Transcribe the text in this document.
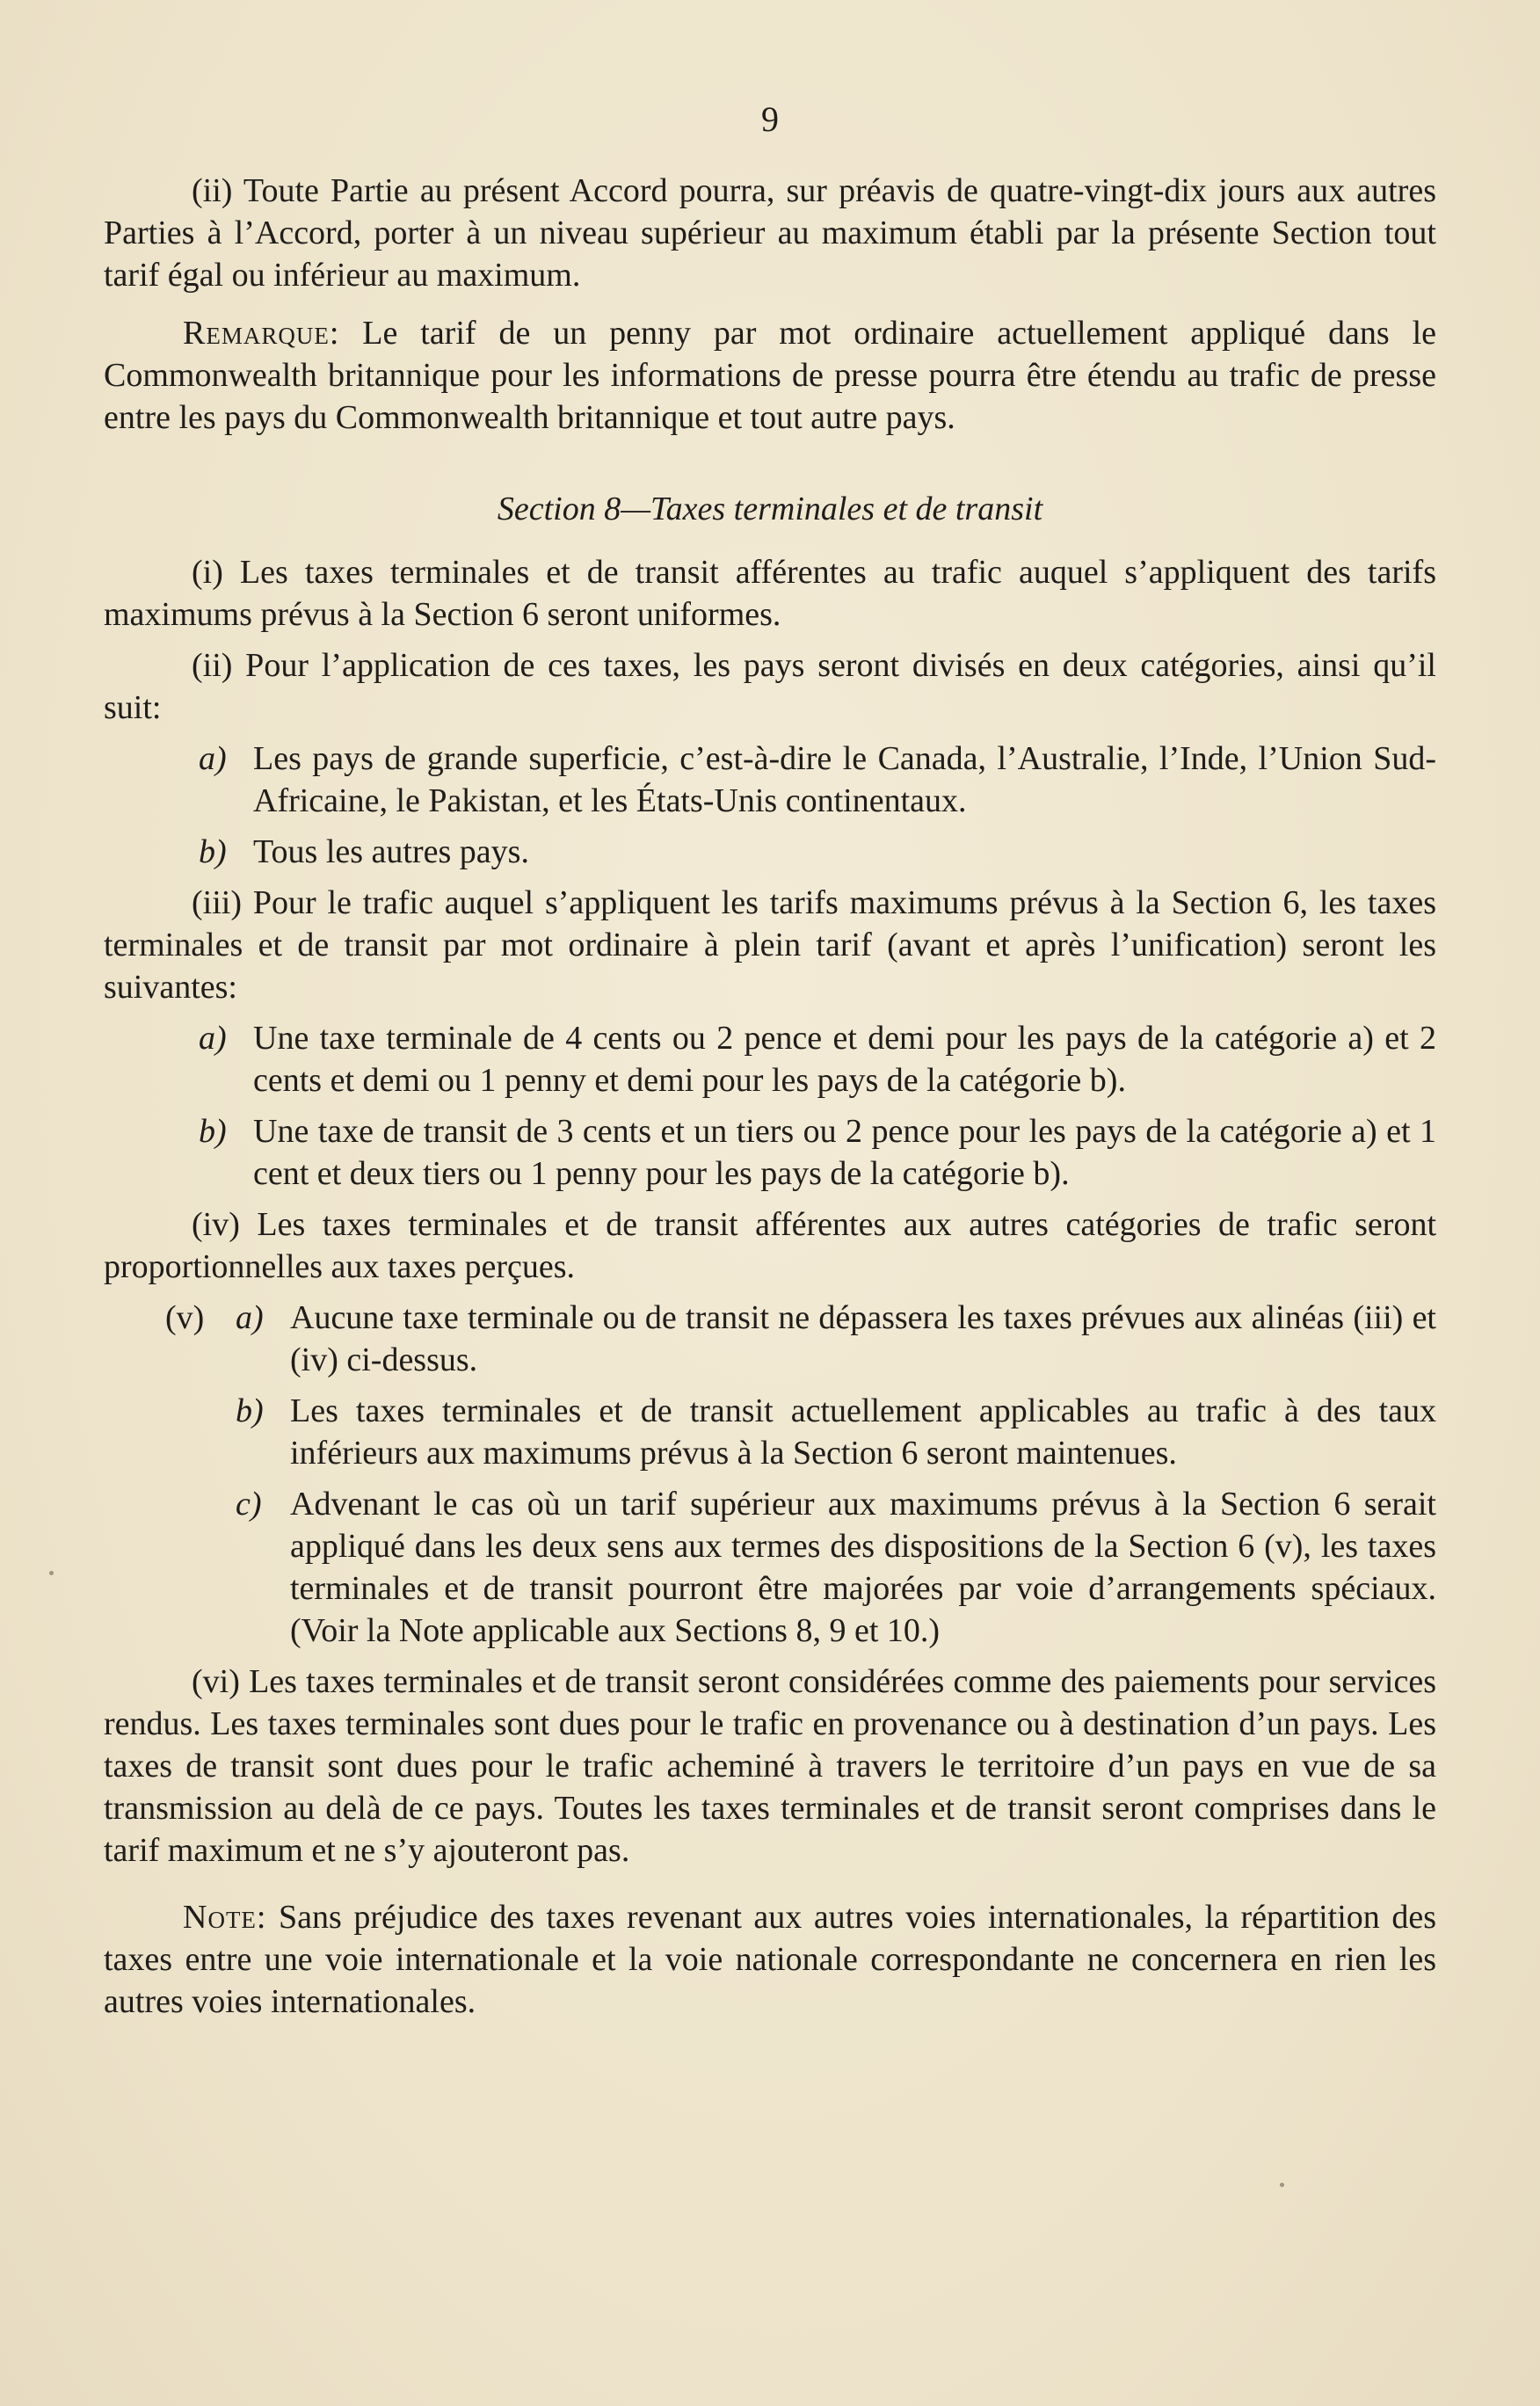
9

(ii) Toute Partie au présent Accord pourra, sur préavis de quatre-vingt-dix jours aux autres Parties à l’Accord, porter à un niveau supérieur au maximum établi par la présente Section tout tarif égal ou inférieur au maximum.

Remarque: Le tarif de un penny par mot ordinaire actuellement appliqué dans le Commonwealth britannique pour les informations de presse pourra être étendu au trafic de presse entre les pays du Commonwealth britannique et tout autre pays.

Section 8—Taxes terminales et de transit

(i) Les taxes terminales et de transit afférentes au trafic auquel s’appliquent des tarifs maximums prévus à la Section 6 seront uniformes.

(ii) Pour l’application de ces taxes, les pays seront divisés en deux catégories, ainsi qu’il suit:

a) Les pays de grande superficie, c’est-à-dire le Canada, l’Australie, l’Inde, l’Union Sud-Africaine, le Pakistan, et les États-Unis continentaux.
b) Tous les autres pays.

(iii) Pour le trafic auquel s’appliquent les tarifs maximums prévus à la Section 6, les taxes terminales et de transit par mot ordinaire à plein tarif (avant et après l’unification) seront les suivantes:

a) Une taxe terminale de 4 cents ou 2 pence et demi pour les pays de la catégorie a) et 2 cents et demi ou 1 penny et demi pour les pays de la catégorie b).
b) Une taxe de transit de 3 cents et un tiers ou 2 pence pour les pays de la catégorie a) et 1 cent et deux tiers ou 1 penny pour les pays de la catégorie b).

(iv) Les taxes terminales et de transit afférentes aux autres catégories de trafic seront proportionnelles aux taxes perçues.

(v) a) Aucune taxe terminale ou de transit ne dépassera les taxes prévues aux alinéas (iii) et (iv) ci-dessus.
b) Les taxes terminales et de transit actuellement applicables au trafic à des taux inférieurs aux maximums prévus à la Section 6 seront maintenues.
c) Advenant le cas où un tarif supérieur aux maximums prévus à la Section 6 serait appliqué dans les deux sens aux termes des dispositions de la Section 6 (v), les taxes terminales et de transit pourront être majorées par voie d’arrangements spéciaux. (Voir la Note applicable aux Sections 8, 9 et 10.)

(vi) Les taxes terminales et de transit seront considérées comme des paiements pour services rendus. Les taxes terminales sont dues pour le trafic en provenance ou à destination d’un pays. Les taxes de transit sont dues pour le trafic acheminé à travers le territoire d’un pays en vue de sa transmission au delà de ce pays. Toutes les taxes terminales et de transit seront comprises dans le tarif maximum et ne s’y ajouteront pas.

Note: Sans préjudice des taxes revenant aux autres voies internationales, la répartition des taxes entre une voie internationale et la voie nationale correspondante ne concernera en rien les autres voies internationales.
